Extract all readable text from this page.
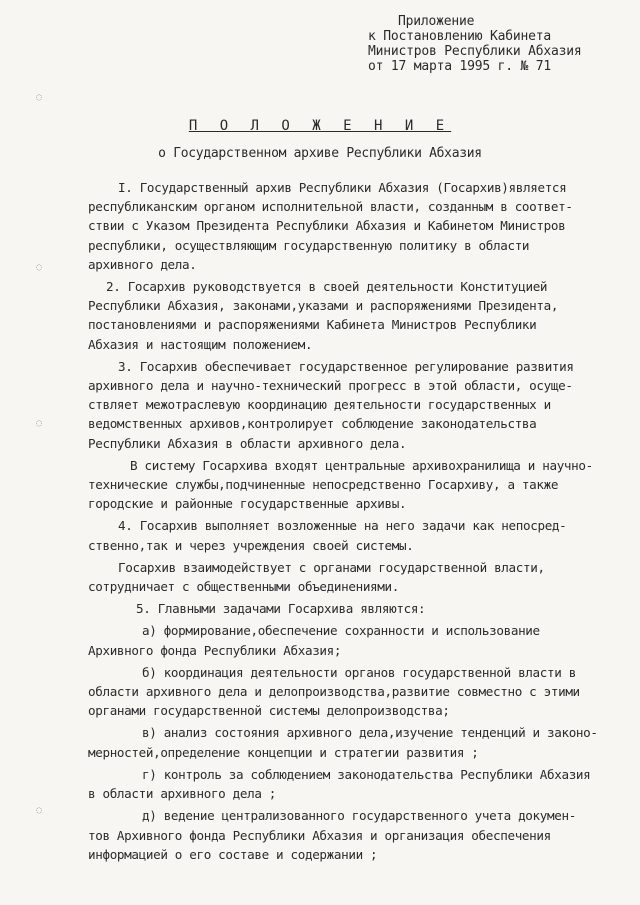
Приложение
к Постановлению Кабинета
Министров Республики Абхазия
от 17 марта 1995 г. № 71
П О Л О Ж Е Н И Е
о Государственном архиве Республики Абхазия
I. Государственный архив Республики Абхазия (Госархив)является
республиканским органом исполнительной власти, созданным в соответ-
ствии с Указом Президента Республики Абхазия и Кабинетом Министров
республики, осуществляющим государственную политику в области
архивного дела.
2. Госархив руководствуется в своей деятельности Конституцией
Республики Абхазия, законами,указами и распоряжениями Президента,
постановлениями и распоряжениями Кабинета Министров Республики
Абхазия и настоящим положением.
3. Госархив обеспечивает государственное регулирование развития
архивного дела и научно-технический прогресс в этой области, осуще-
ствляет межотраслевую координацию деятельности государственных и
ведомственных архивов,контролирует соблюдение законодательства
Республики Абхазия в области архивного дела.
В систему Госархива входят центральные архивохранилища и научно-
технические службы,подчиненные непосредственно Госархиву, а также
городские и районные государственные архивы.
4. Госархив выполняет возложенные на него задачи как непосред-
ственно,так и через учреждения своей системы.
Госархив взаимодействует с органами государственной власти,
сотрудничает с общественными объединениями.
5. Главными задачами Госархива являются:
а) формирование,обеспечение сохранности и использование
Архивного фонда Республики Абхазия;
б) координация деятельности органов государственной власти в
области архивного дела и делопроизводства,развитие совместно с этими
органами государственной системы делопроизводства;
в) анализ состояния архивного дела,изучение тенденций и законо-
мерностей,определение концепции и стратегии развития ;
г) контроль за соблюдением законодательства Республики Абхазия
в области архивного дела ;
д) ведение централизованного государственного учета докумен-
тов Архивного фонда Республики Абхазия и организация обеспечения
информацией о его составе и содержании ;
◌
◌
◌
◌
